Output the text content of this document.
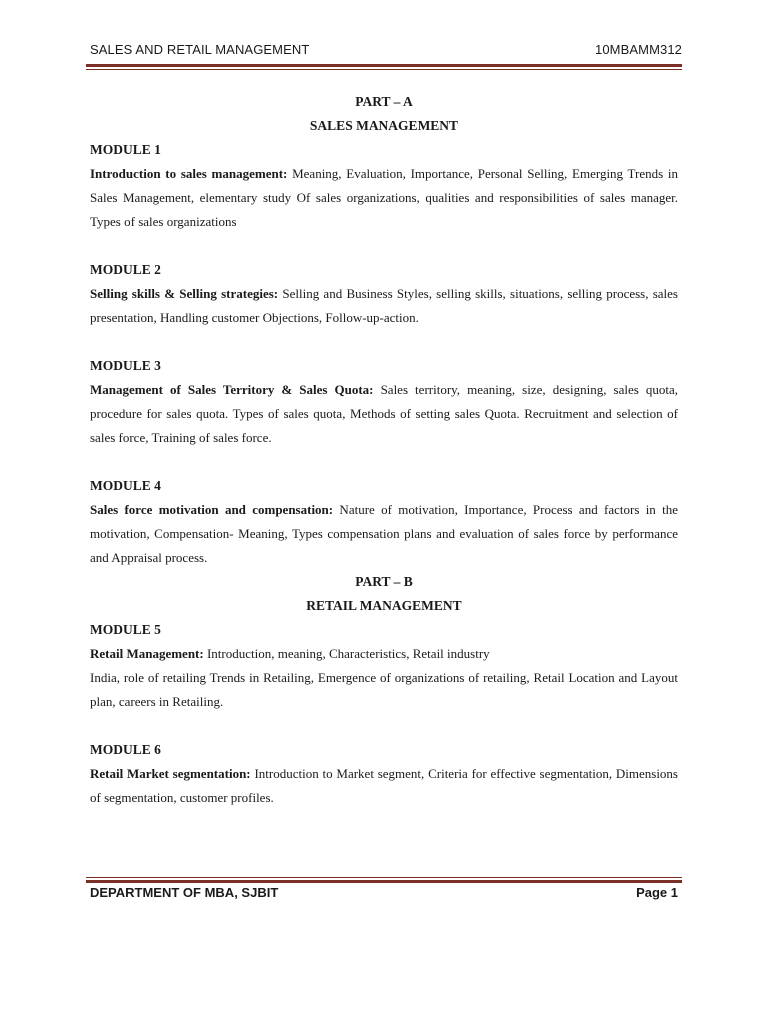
SALES AND RETAIL MANAGEMENT	10MBAMM312
PART – A
SALES MANAGEMENT
MODULE 1
Introduction to sales management: Meaning, Evaluation, Importance, Personal Selling, Emerging Trends in Sales Management, elementary study Of sales organizations, qualities and responsibilities of sales manager. Types of sales organizations
MODULE 2
Selling skills & Selling strategies: Selling and Business Styles, selling skills, situations, selling process, sales presentation, Handling customer Objections, Follow-up-action.
MODULE 3
Management of Sales Territory & Sales Quota: Sales territory, meaning, size, designing, sales quota, procedure for sales quota. Types of sales quota, Methods of setting sales Quota. Recruitment and selection of sales force, Training of sales force.
MODULE 4
Sales force motivation and compensation: Nature of motivation, Importance, Process and factors in the motivation, Compensation- Meaning, Types compensation plans and evaluation of sales force by performance and Appraisal process.
PART – B
RETAIL MANAGEMENT
MODULE 5
Retail Management: Introduction, meaning, Characteristics, Retail industry
India, role of retailing Trends in Retailing, Emergence of organizations of retailing, Retail Location and Layout plan, careers in Retailing.
MODULE 6
Retail Market segmentation: Introduction to Market segment, Criteria for effective segmentation, Dimensions of segmentation, customer profiles.
DEPARTMENT OF MBA, SJBIT	Page 1
